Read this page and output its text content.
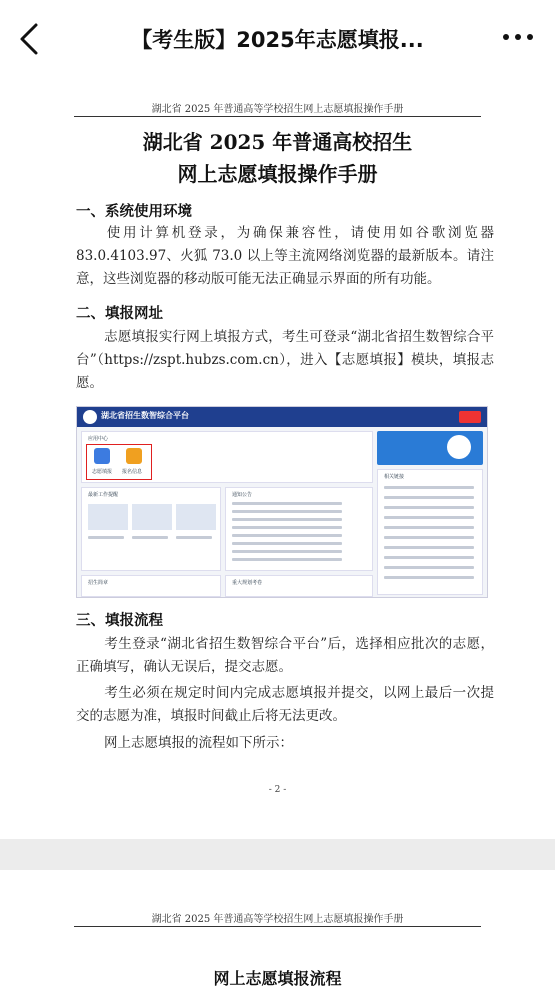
【考生版】2025年志愿填报...
湖北省 2025 年普通高等学校招生网上志愿填报操作手册
湖北省 2025 年普通高校招生
网上志愿填报操作手册
一、系统使用环境
使用计算机登录，为确保兼容性，请使用如谷歌浏览器 83.0.4103.97、火狐 73.0 以上等主流网络浏览器的最新版本。请注意，这些浏览器的移动版可能无法正确显示界面的所有功能。
二、填报网址
志愿填报实行网上填报方式，考生可登录“湖北省招生数智综合平台”（https://zspt.hubzs.com.cn），进入【志愿填报】模块，填报志愿。
湖北省招生数智综合平台
应用中心
志愿填报 报名信息
最新工作提醒	通知公告
相关链接
招生简章	重大规划考卷
三、填报流程
考生登录“湖北省招生数智综合平台”后，选择相应批次的志愿，正确填写，确认无误后，提交志愿。
考生必须在规定时间内完成志愿填报并提交，以网上最后一次提交的志愿为准，填报时间截止后将无法更改。
网上志愿填报的流程如下所示：
- 2 -
湖北省 2025 年普通高等学校招生网上志愿填报操作手册
网上志愿填报流程
